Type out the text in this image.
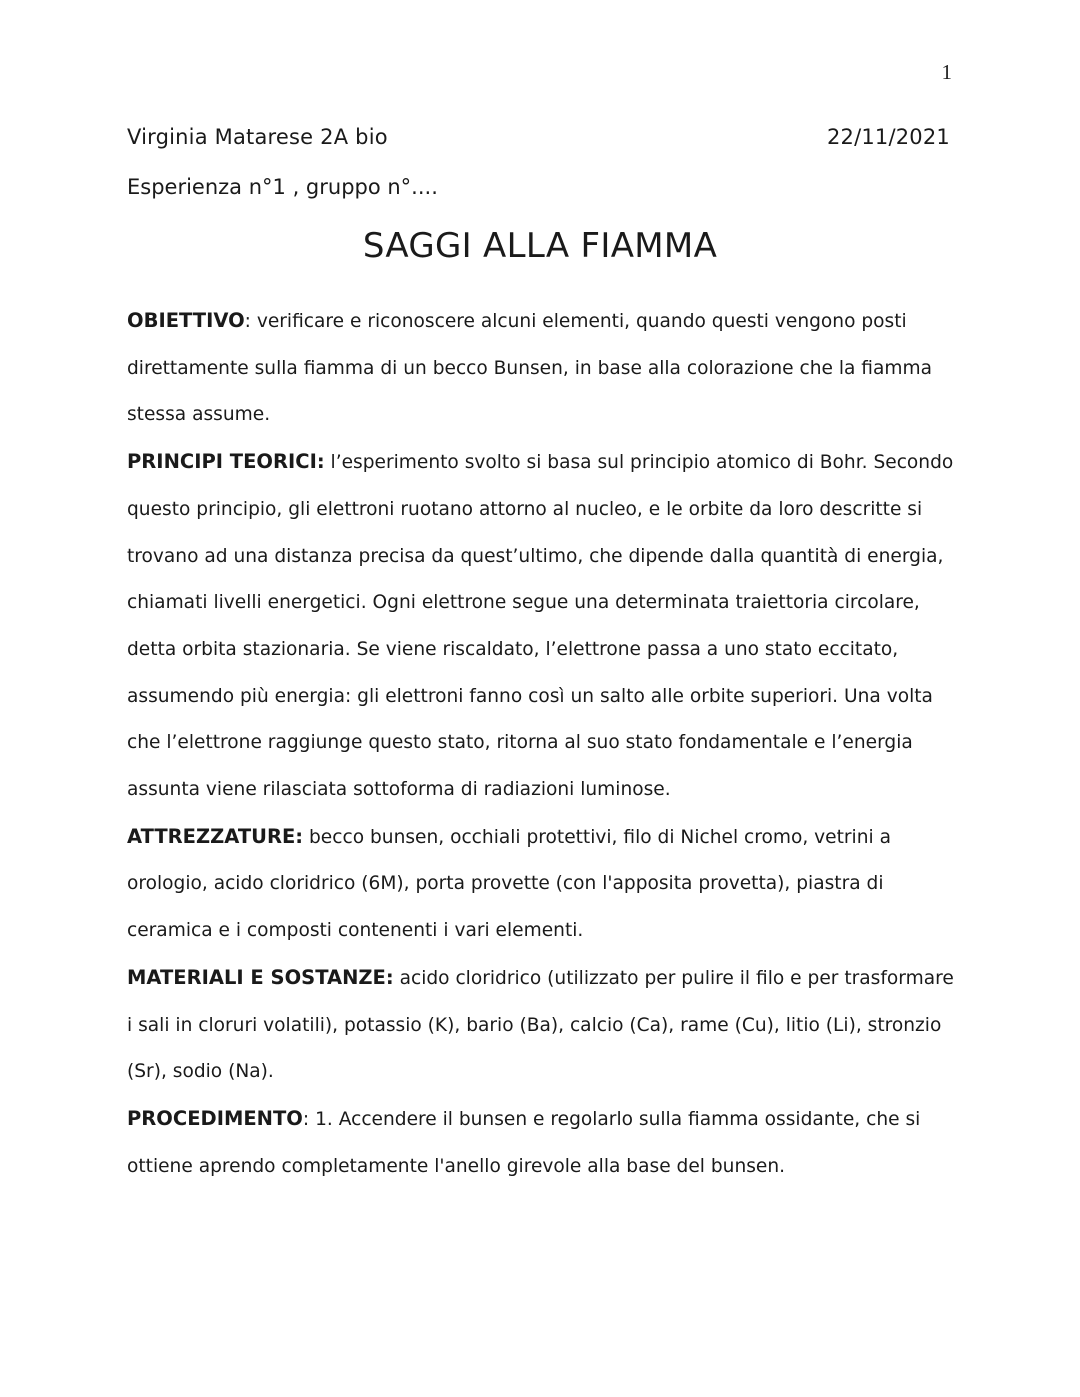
1
Virginia Matarese 2A bio	22/11/2021
Esperienza n°1 , gruppo n°....
SAGGI ALLA FIAMMA

OBIETTIVO: verificare e riconoscere alcuni elementi, quando questi vengono posti direttamente sulla fiamma di un becco Bunsen, in base alla colorazione che la fiamma stessa assume.

PRINCIPI TEORICI: l’esperimento svolto si basa sul principio atomico di Bohr. Secondo questo principio, gli elettroni ruotano attorno al nucleo, e le orbite da loro descritte si trovano ad una distanza precisa da quest’ultimo, che dipende dalla quantità di energia, chiamati livelli energetici. Ogni elettrone segue una determinata traiettoria circolare, detta orbita stazionaria. Se viene riscaldato, l’elettrone passa a uno stato eccitato, assumendo più energia: gli elettroni fanno così un salto alle orbite superiori. Una volta che l’elettrone raggiunge questo stato, ritorna al suo stato fondamentale e l’energia assunta viene rilasciata sottoforma di radiazioni luminose.

ATTREZZATURE: becco bunsen, occhiali protettivi, filo di Nichel cromo, vetrini a orologio, acido cloridrico (6M), porta provette (con l'apposita provetta), piastra di ceramica e i composti contenenti i vari elementi.

MATERIALI E SOSTANZE: acido cloridrico (utilizzato per pulire il filo e per trasformare i sali in cloruri volatili), potassio (K), bario (Ba), calcio (Ca), rame (Cu), litio (Li), stronzio (Sr), sodio (Na).

PROCEDIMENTO: 1. Accendere il bunsen e regolarlo sulla fiamma ossidante, che si ottiene aprendo completamente l'anello girevole alla base del bunsen.
